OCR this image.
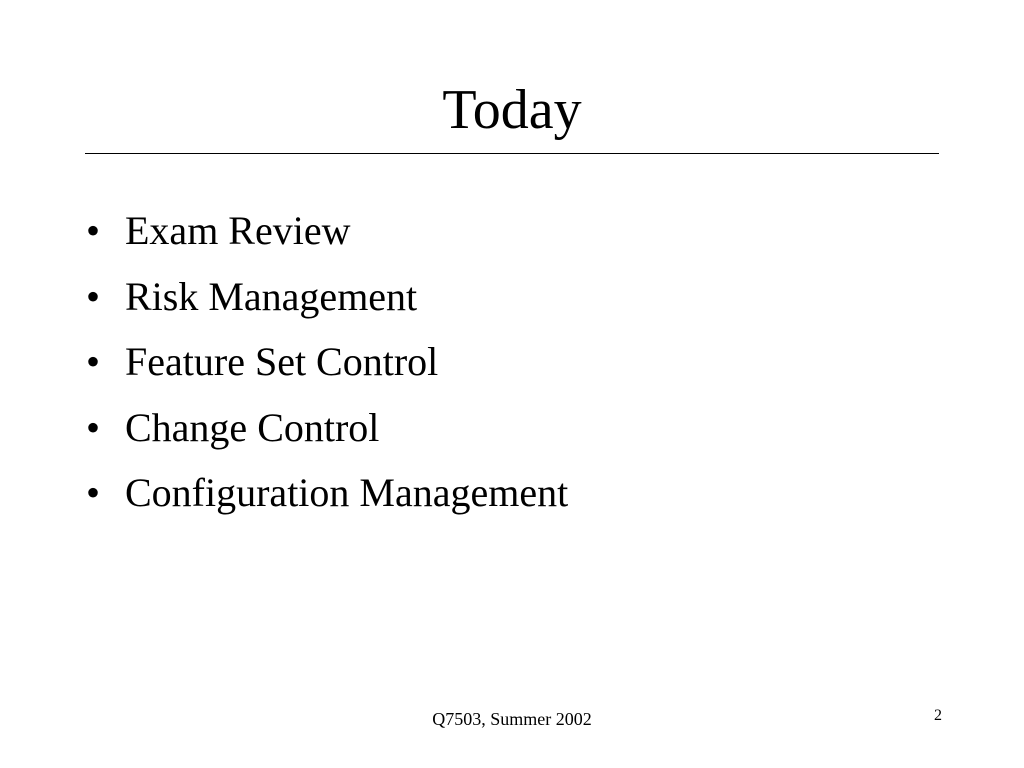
Today
• Exam Review
• Risk Management
• Feature Set Control
• Change Control
• Configuration Management
Q7503, Summer 2002	2
